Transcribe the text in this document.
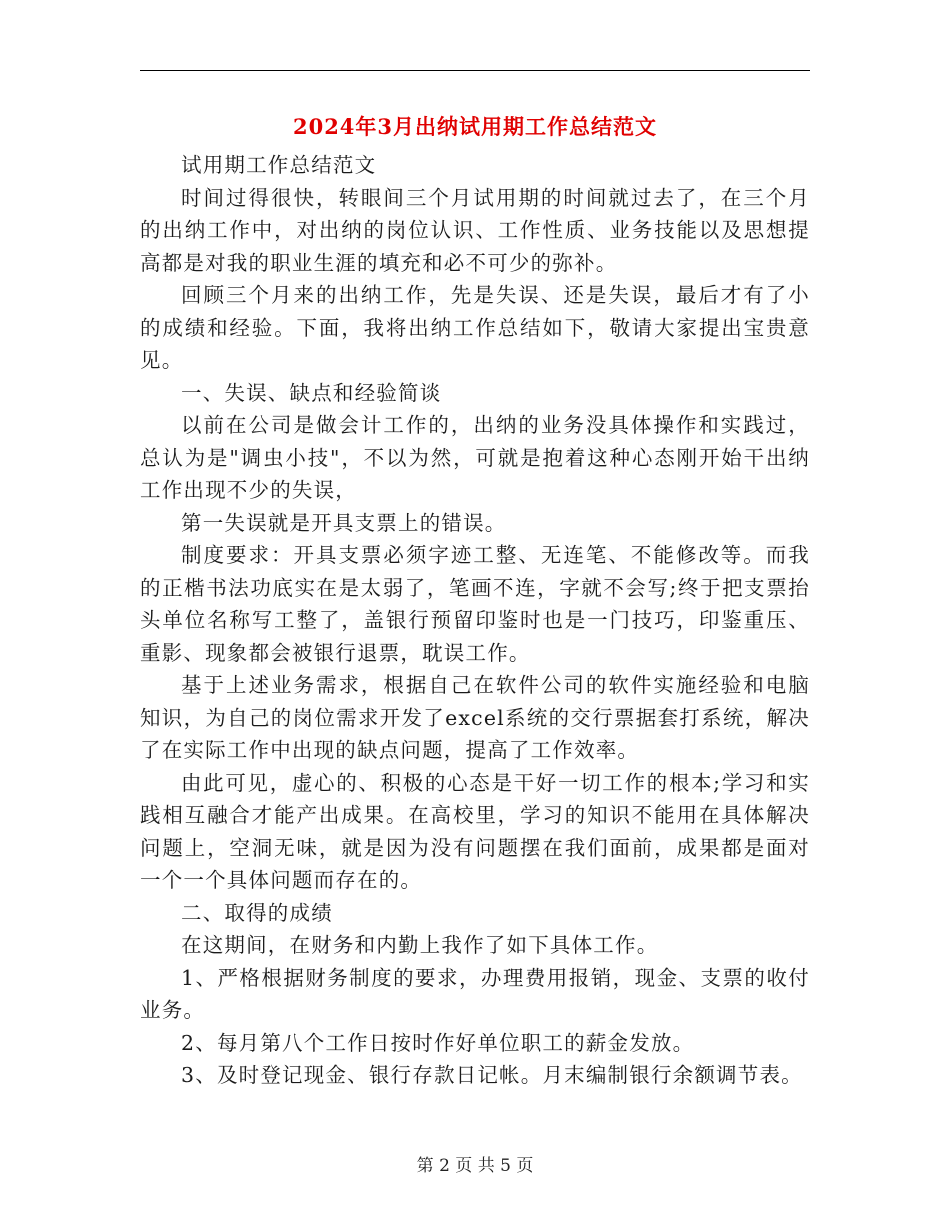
2024年3月出纳试用期工作总结范文

试用期工作总结范文

时间过得很快，转眼间三个月试用期的时间就过去了，在三个月的出纳工作中，对出纳的岗位认识、工作性质、业务技能以及思想提高都是对我的职业生涯的填充和必不可少的弥补。

回顾三个月来的出纳工作，先是失误、还是失误，最后才有了小的成绩和经验。下面，我将出纳工作总结如下，敬请大家提出宝贵意见。

一、失误、缺点和经验简谈

以前在公司是做会计工作的，出纳的业务没具体操作和实践过，总认为是"调虫小技"，不以为然，可就是抱着这种心态刚开始干出纳工作出现不少的失误，

第一失误就是开具支票上的错误。

制度要求：开具支票必须字迹工整、无连笔、不能修改等。而我的正楷书法功底实在是太弱了，笔画不连，字就不会写;终于把支票抬头单位名称写工整了，盖银行预留印鉴时也是一门技巧，印鉴重压、重影、现象都会被银行退票，耽误工作。

基于上述业务需求，根据自己在软件公司的软件实施经验和电脑知识，为自己的岗位需求开发了excel系统的交行票据套打系统，解决了在实际工作中出现的缺点问题，提高了工作效率。

由此可见，虚心的、积极的心态是干好一切工作的根本;学习和实践相互融合才能产出成果。在高校里，学习的知识不能用在具体解决问题上，空洞无味，就是因为没有问题摆在我们面前，成果都是面对一个一个具体问题而存在的。

二、取得的成绩

在这期间，在财务和内勤上我作了如下具体工作。

1、严格根据财务制度的要求，办理费用报销，现金、支票的收付业务。

2、每月第八个工作日按时作好单位职工的薪金发放。

3、及时登记现金、银行存款日记帐。月末编制银行余额调节表。

第 2 页 共 5 页
